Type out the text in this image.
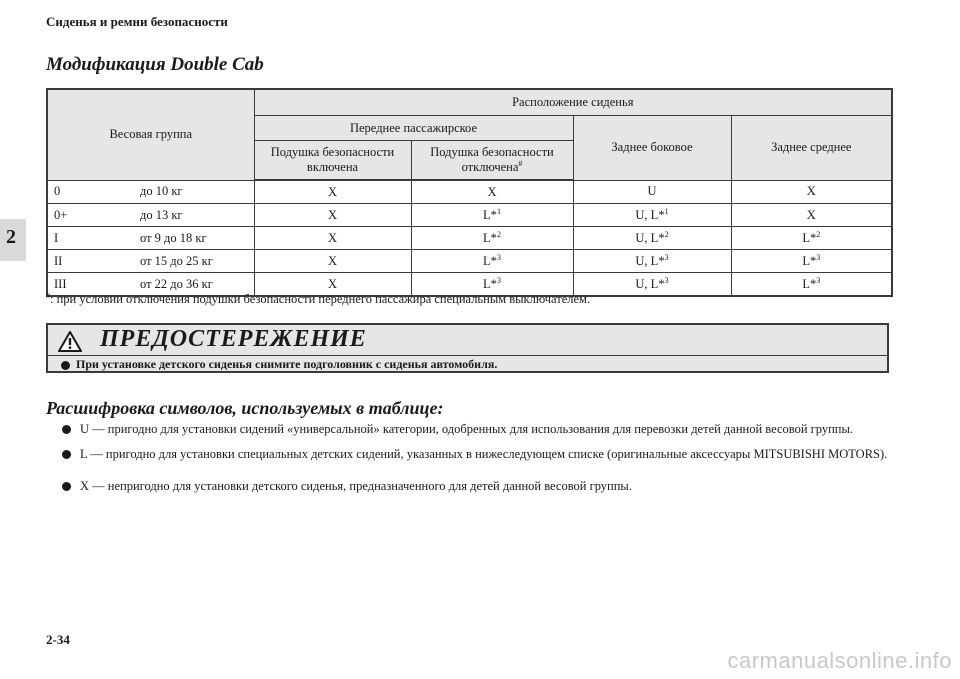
Сиденья и ремни безопасности
Модификация Double Cab
2
Весовая группа	Расположение сиденья			
	Переднее пассажирское		Заднее боковое	Заднее среднее
	Подушка безопасности включена	Подушка безопасности отключена#
0 до 10 кг	X	X	U	X
0+ до 13 кг	X	L*$^1$	U, L*$^1$	X
I от 9 до 18 кг	X	L*$^2$	U, L*$^2$	L*$^2$
II от 15 до 25 кг	X	L*$^3$	U, L*$^3$	L*$^3$
III от 22 до 36 кг	X	L*$^3$	U, L*$^3$	L*$^3$
#: при условии отключения подушки безопасности переднего пассажира специальным выключателем.
ПРЕДОСТЕРЕЖЕНИЕ
При установке детского сиденья снимите подголовник с сиденья автомобиля.
Расшифровка символов, используемых в таблице:
U — пригодно для установки сидений «универсальной» категории, одобренных для использования для перевозки детей данной весовой группы.
L — пригодно для установки специальных детских сидений, указанных в нижеследующем списке (оригинальные аксессуары MITSUBISHI MOTORS).
X — непригодно для установки детского сиденья, предназначенного для детей данной весовой группы.
2-34
carmanualsonline.info
